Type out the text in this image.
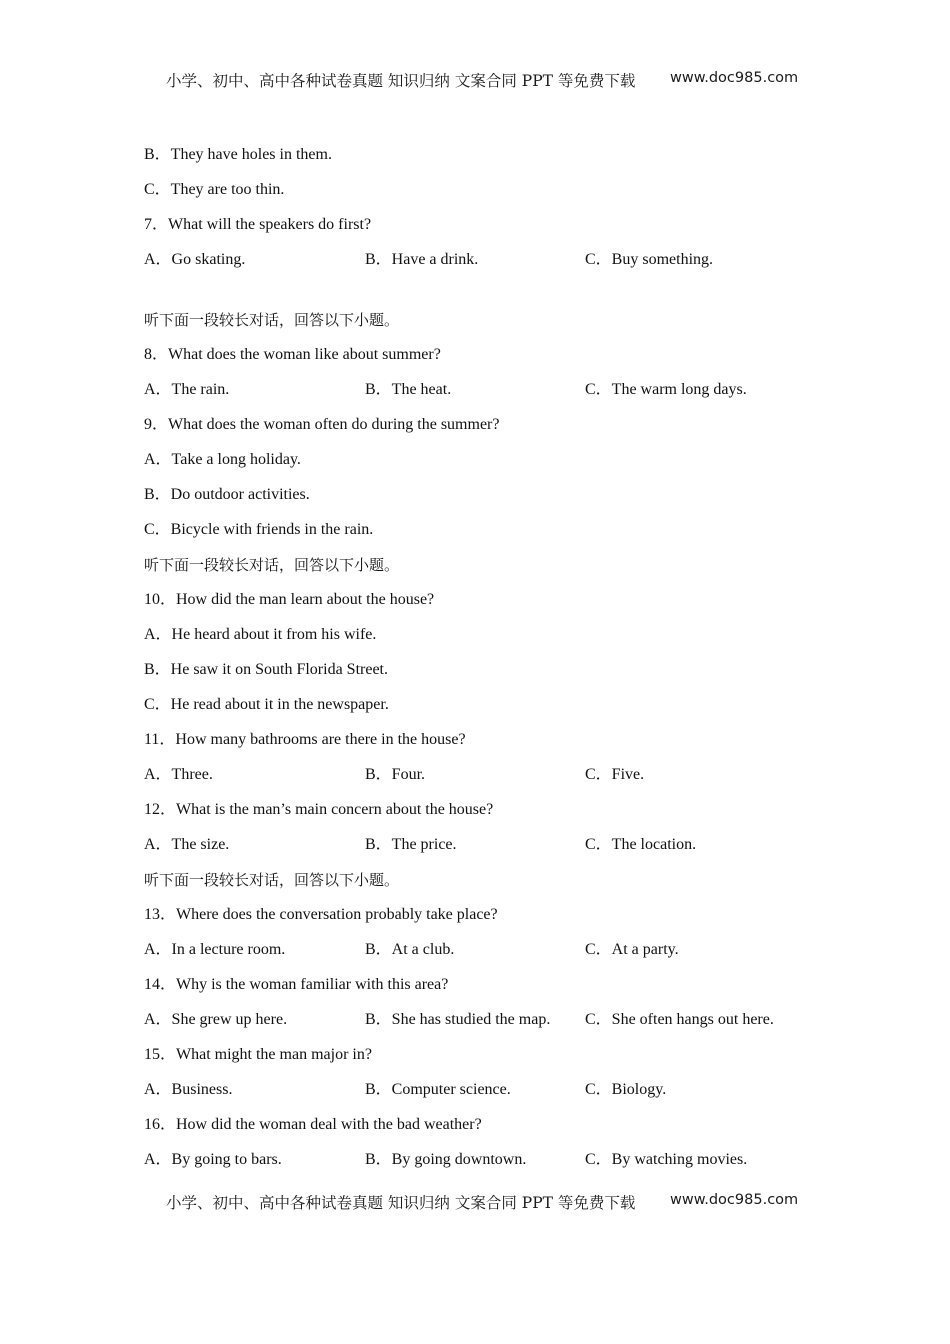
小学、初中、高中各种试卷真题 知识归纳 文案合同 PPT 等免费下载 www.doc985.com
B．They have holes in them.
C．They are too thin.
7．What will the speakers do first?
A．Go skating.	B．Have a drink.	C．Buy something.
听下面一段较长对话，回答以下小题。
8．What does the woman like about summer?
A．The rain.	B．The heat.	C．The warm long days.
9．What does the woman often do during the summer?
A．Take a long holiday.
B．Do outdoor activities.
C．Bicycle with friends in the rain.
听下面一段较长对话，回答以下小题。
10．How did the man learn about the house?
A．He heard about it from his wife.
B．He saw it on South Florida Street.
C．He read about it in the newspaper.
11．How many bathrooms are there in the house?
A．Three.	B．Four.	C．Five.
12．What is the man’s main concern about the house?
A．The size.	B．The price.	C．The location.
听下面一段较长对话，回答以下小题。
13．Where does the conversation probably take place?
A．In a lecture room.	B．At a club.	C．At a party.
14．Why is the woman familiar with this area?
A．She grew up here.	B．She has studied the map. C．She often hangs out here.
15．What might the man major in?
A．Business.	B．Computer science.	C．Biology.
16．How did the woman deal with the bad weather?
A．By going to bars.	B．By going downtown.	C．By watching movies.
小学、初中、高中各种试卷真题 知识归纳 文案合同 PPT 等免费下载 www.doc985.com
